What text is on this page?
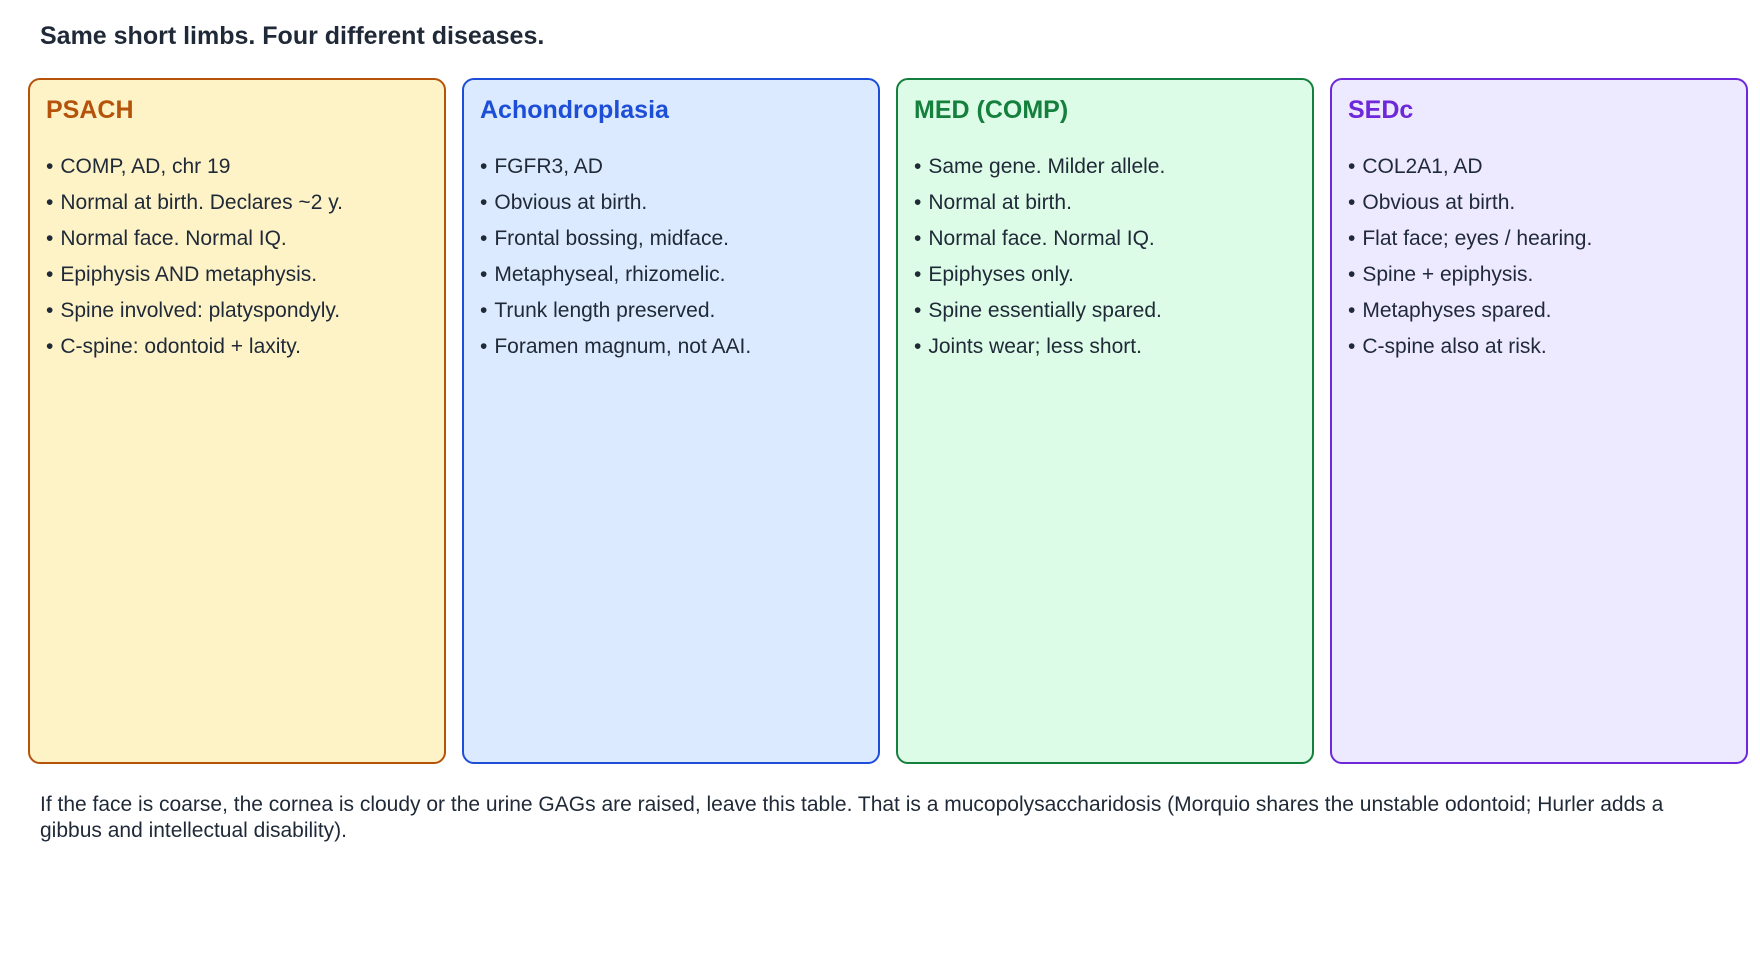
Same short limbs. Four different diseases.
PSACH
• COMP, AD, chr 19
• Normal at birth. Declares ~2 y.
• Normal face. Normal IQ.
• Epiphysis AND metaphysis.
• Spine involved: platyspondyly.
• C-spine: odontoid + laxity.
Achondroplasia
• FGFR3, AD
• Obvious at birth.
• Frontal bossing, midface.
• Metaphyseal, rhizomelic.
• Trunk length preserved.
• Foramen magnum, not AAI.
MED (COMP)
• Same gene. Milder allele.
• Normal at birth.
• Normal face. Normal IQ.
• Epiphyses only.
• Spine essentially spared.
• Joints wear; less short.
SEDc
• COL2A1, AD
• Obvious at birth.
• Flat face; eyes / hearing.
• Spine + epiphysis.
• Metaphyses spared.
• C-spine also at risk.

If the face is coarse, the cornea is cloudy or the urine GAGs are raised, leave this table. That is a mucopolysaccharidosis (Morquio shares the unstable odontoid; Hurler adds a gibbus and intellectual disability).
